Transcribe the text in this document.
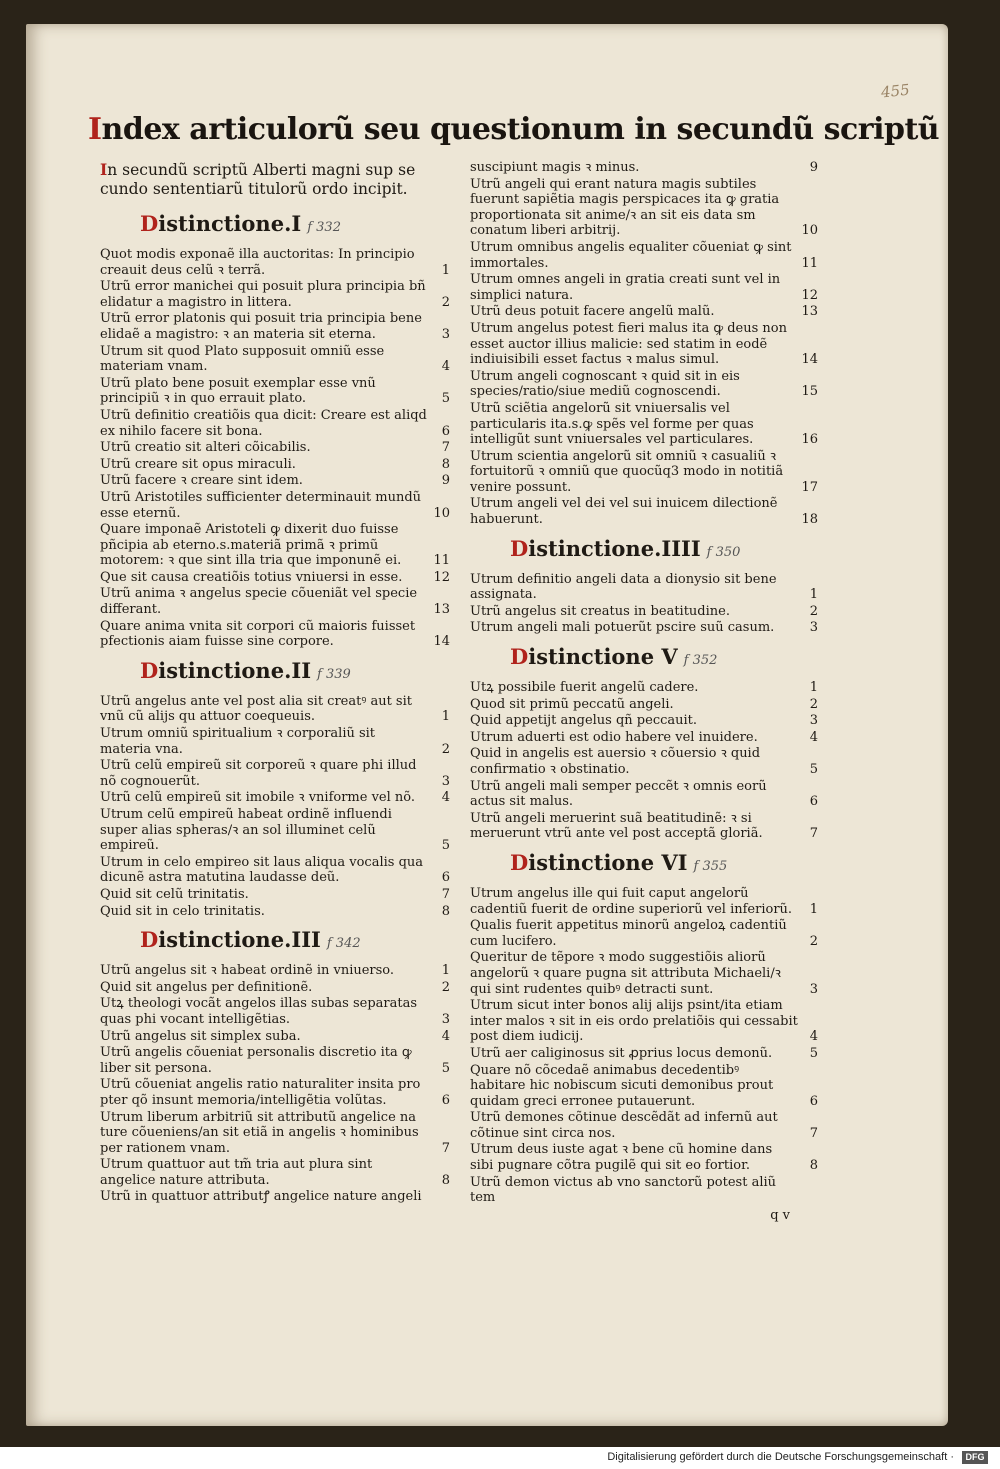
455
Index articulorũ seu questionum in secundũ scriptũ
In secundũ scriptũ Alberti magni sup se cundo sententiarũ titulorũ ordo incipit.
Distinctione.I f 332
Quot modis exponaẽ illa auctoritas: In principio creauit deus celũ ꝛ terrã.	1
Utrũ error manichei qui posuit plura principia bñ elidatur a magistro in littera.	2
Utrũ error platonis qui posuit tria principia bene elidaẽ a magistro: ꝛ an materia sit eterna.	3
Utrum sit quod Plato supposuit omniũ esse materiam vnam.	4
Utrũ plato bene posuit exemplar esse vnũ principiũ ꝛ in quo errauit plato.	5
Utrũ definitio creatiõis qua dicit: Creare est aliqd ex nihilo facere sit bona.	6
Utrũ creatio sit alteri cõicabilis.	7
Utrũ creare sit opus miraculi.	8
Utrũ facere ꝛ creare sint idem.	9
Utrũ Aristotiles sufficienter determinauit mundũ esse eternũ.	10
Quare imponaẽ Aristoteli ꝙ dixerit duo fuisse pñcipia ab eterno.s.materiã primã ꝛ primũ motorem: ꝛ que sint illa tria que imponunẽ ei. 11
Que sit causa creatiõis totius vniuersi in esse. 12
Utrũ anima ꝛ angelus specie cõueniãt vel specie differant.	13
Quare anima vnita sit corpori cũ maioris fuisset pfectionis aiam fuisse sine corpore.	14
Distinctione.II f 339
Utrũ angelus ante vel post alia sit creatꝰ aut sit vnũ cũ alijs qu attuor coequeuis.	1
Utrum omniũ spiritualium ꝛ corporaliũ sit materia vna.	2
Utrũ celũ empireũ sit corporeũ ꝛ quare phi illud nõ cognouerũt.	3
Utrũ celũ empireũ sit imobile ꝛ vniforme vel nõ. 4
Utrum celũ empireũ habeat ordinẽ influendi super alias spheras/ꝛ an sol illuminet celũ empireũ.	5
Utrum in celo empireo sit laus aliqua vocalis qua dicunẽ astra matutina laudasse deũ.	6
Quid sit celũ trinitatis.	7
Quid sit in celo trinitatis.	8
Distinctione.III f 342
Utrũ angelus sit ꝛ habeat ordinẽ in vniuerso.	1
Quid sit angelus per definitionẽ.	2
Utꝝ theologi vocãt angelos illas subas separatas quas phi vocant intelligẽtias.	3
Utrũ angelus sit simplex suba.	4
Utrũ angelis cõueniat personalis discretio ita ꝙ liber sit persona.	5
Utrũ cõueniat angelis ratio naturaliter insita pro pter qõ insunt memoria/intelligẽtia volũtas.	6
Utrum liberum arbitriũ sit attributũ angelice na ture cõueniens/an sit etiã in angelis ꝛ hominibus per rationem vnam.	7
Utrum quattuor aut tm̃ tria aut plura sint angelice nature attributa.	8
Utrũ in quattuor attributꝭ angelice nature angeli
suscipiunt magis ꝛ minus.	9
Utrũ angeli qui erant natura magis subtiles fuerunt sapiẽtia magis perspicaces ita ꝙ gratia proportionata sit anime/ꝛ an sit eis data sm conatum liberi arbitrij.	10
Utrum omnibus angelis equaliter cõueniat ꝙ sint immortales.	11
Utrum omnes angeli in gratia creati sunt vel in simplici natura.	12
Utrũ deus potuit facere angelũ malũ.	13
Utrum angelus potest fieri malus ita ꝙ deus non esset auctor illius malicie: sed statim in eodẽ indiuisibili esset factus ꝛ malus simul.	14
Utrum angeli cognoscant ꝛ quid sit in eis species/ratio/siue mediũ cognoscendi.	15
Utrũ sciẽtia angelorũ sit vniuersalis vel particularis ita.s.ꝙ spẽs vel forme per quas intelligũt sunt vniuersales vel particulares.	16
Utrum scientia angelorũ sit omniũ ꝛ casualiũ ꝛ fortuitorũ ꝛ omniũ que quocũq3 modo in notitiã venire possunt.	17
Utrum angeli vel dei vel sui inuicem dilectionẽ habuerunt.	18
Distinctione.IIII f 350
Utrum definitio angeli data a dionysio sit bene assignata.	1
Utrũ angelus sit creatus in beatitudine.	2
Utrum angeli mali potuerũt pscire suũ casum.	3
Distinctione V f 352
Utꝝ possibile fuerit angelũ cadere.	1
Quod sit primũ peccatũ angeli.	2
Quid appetijt angelus qñ peccauit.	3
Utrum aduerti est odio habere vel inuidere.	4
Quid in angelis est auersio ꝛ cõuersio ꝛ quid confirmatio ꝛ obstinatio.	5
Utrũ angeli mali semper peccẽt ꝛ omnis eorũ actus sit malus.	6
Utrũ angeli meruerint suã beatitudinẽ: ꝛ si meruerunt vtrũ ante vel post acceptã gloriã.	7
Distinctione VI f 355
Utrum angelus ille qui fuit caput angelorũ cadentiũ fuerit de ordine superiorũ vel inferiorũ. 1
Qualis fuerit appetitus minorũ angeloꝝ cadentiũ cum lucifero.	2
Queritur de tẽpore ꝛ modo suggestiõis aliorũ angelorũ ꝛ quare pugna sit attributa Michaeli/ꝛ qui sint rudentes quibꝰ detracti sunt.	3
Utrum sicut inter bonos alij alijs psint/ita etiam inter malos ꝛ sit in eis ordo prelatiõis qui cessabit post diem iudicij.	4
Utrũ aer caliginosus sit ꝓprius locus demonũ.	5
Quare nõ cõcedaẽ animabus decedentibꝰ habitare hic nobiscum sicuti demonibus prout quidam greci erronee putauerunt.	6
Utrũ demones cõtinue descẽdãt ad infernũ aut cõtinue sint circa nos.	7
Utrum deus iuste agat ꝛ bene cũ homine dans sibi pugnare cõtra pugilẽ qui sit eo fortior.	8
Utrũ demon victus ab vno sanctorũ potest aliũ tem
q v
Digitalisierung gefördert durch die Deutsche Forschungsgemeinschaft ·	DFG
